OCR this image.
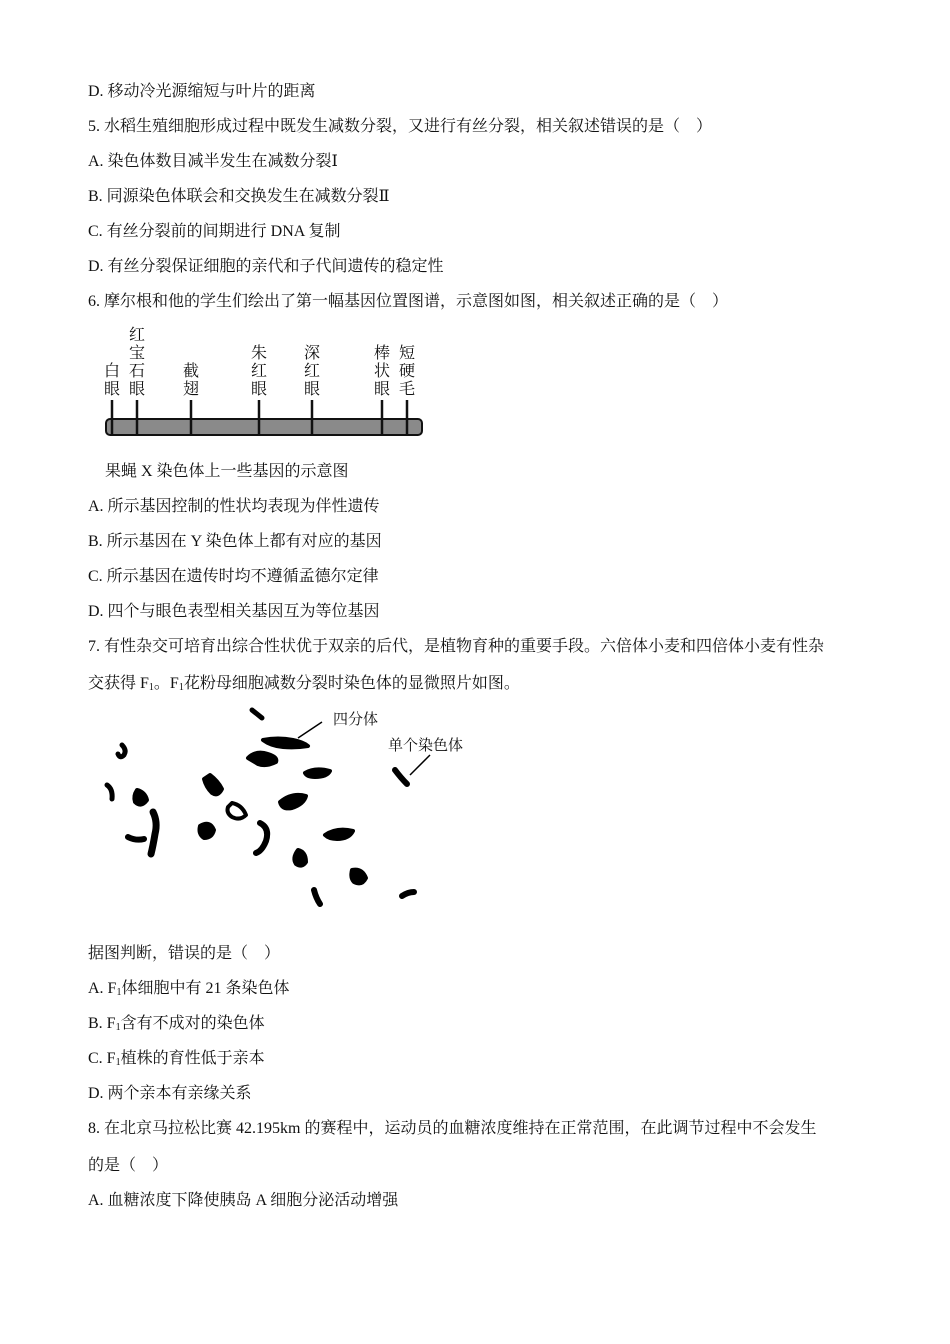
D. 移动冷光源缩短与叶片的距离
5. 水稻生殖细胞形成过程中既发生减数分裂，又进行有丝分裂，相关叙述错误的是（　）
A. 染色体数目减半发生在减数分裂Ⅰ
B. 同源染色体联会和交换发生在减数分裂Ⅱ
C. 有丝分裂前的间期进行 DNA 复制
D. 有丝分裂保证细胞的亲代和子代间遗传的稳定性
6. 摩尔根和他的学生们绘出了第一幅基因位置图谱，示意图如图，相关叙述正确的是（　）
白
眼
红
宝
石
眼
截
翅
朱
红
眼
深
红
眼
棒
状
眼
短
硬
毛
果蝇 X 染色体上一些基因的示意图
A. 所示基因控制的性状均表现为伴性遗传
B. 所示基因在 Y 染色体上都有对应的基因
C. 所示基因在遗传时均不遵循孟德尔定律
D. 四个与眼色表型相关基因互为等位基因
7. 有性杂交可培育出综合性状优于双亲的后代，是植物育种的重要手段。六倍体小麦和四倍体小麦有性杂
交获得 $F_1$。$F_1$花粉母细胞减数分裂时染色体的显微照片如图。
四分体
单个染色体
据图判断，错误的是（　）
A. $F_1$体细胞中有 21 条染色体
B. $F_1$含有不成对的染色体
C. $F_1$植株的育性低于亲本
D. 两个亲本有亲缘关系
8. 在北京马拉松比赛 42.195km 的赛程中，运动员的血糖浓度维持在正常范围，在此调节过程中不会发生
的是（　）
A. 血糖浓度下降使胰岛 A 细胞分泌活动增强
